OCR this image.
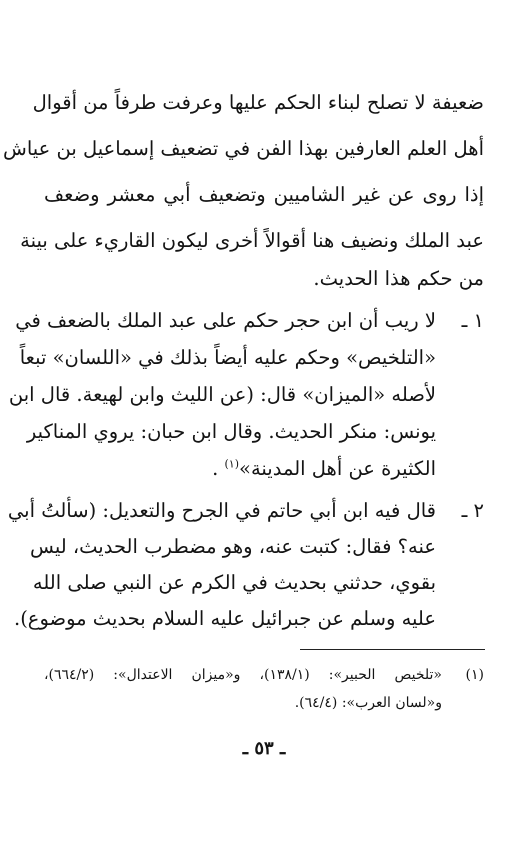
ضعيفة لا تصلح لبناء الحكم عليها وعرفت طرفاً من أقوال
أهل العلم العارفين بهذا الفن في تضعيف إسماعيل بن عياش
إذا روى عن غير الشاميين وتضعيف أبي معشر وضعف
عبد الملك ونضيف هنا أقوالاً أخرى ليكون القاريء على بينة
من حكم هذا الحديث.
١ ـ
لا ريب أن ابن حجر حكم على عبد الملك بالضعف في
«التلخيص» وحكم عليه أيضاً بذلك في «اللسان» تبعاً
لأصله «الميزان» قال: (عن الليث وابن لهيعة. قال ابن
يونس: منكر الحديث. وقال ابن حبان: يروي المناكير
الكثيرة عن أهل المدينة»$^{(١)}$ .
٢ ـ
قال فيه ابن أبي حاتم في الجرح والتعديل: (سألتُ أبي
عنه؟ فقال: كتبت عنه، وهو مضطرب الحديث، ليس
بقوي، حدثني بحديث في الكرم عن النبي صلى الله
عليه وسلم عن جبرائيل عليه السلام بحديث موضوع).
(١)
«تلخيص الحبير»: (١٣٨/١)، و«ميزان الاعتدال»: (٦٦٤/٢)،
و«لسان العرب»: (٦٤/٤).
ـ ٥٣ ـ
